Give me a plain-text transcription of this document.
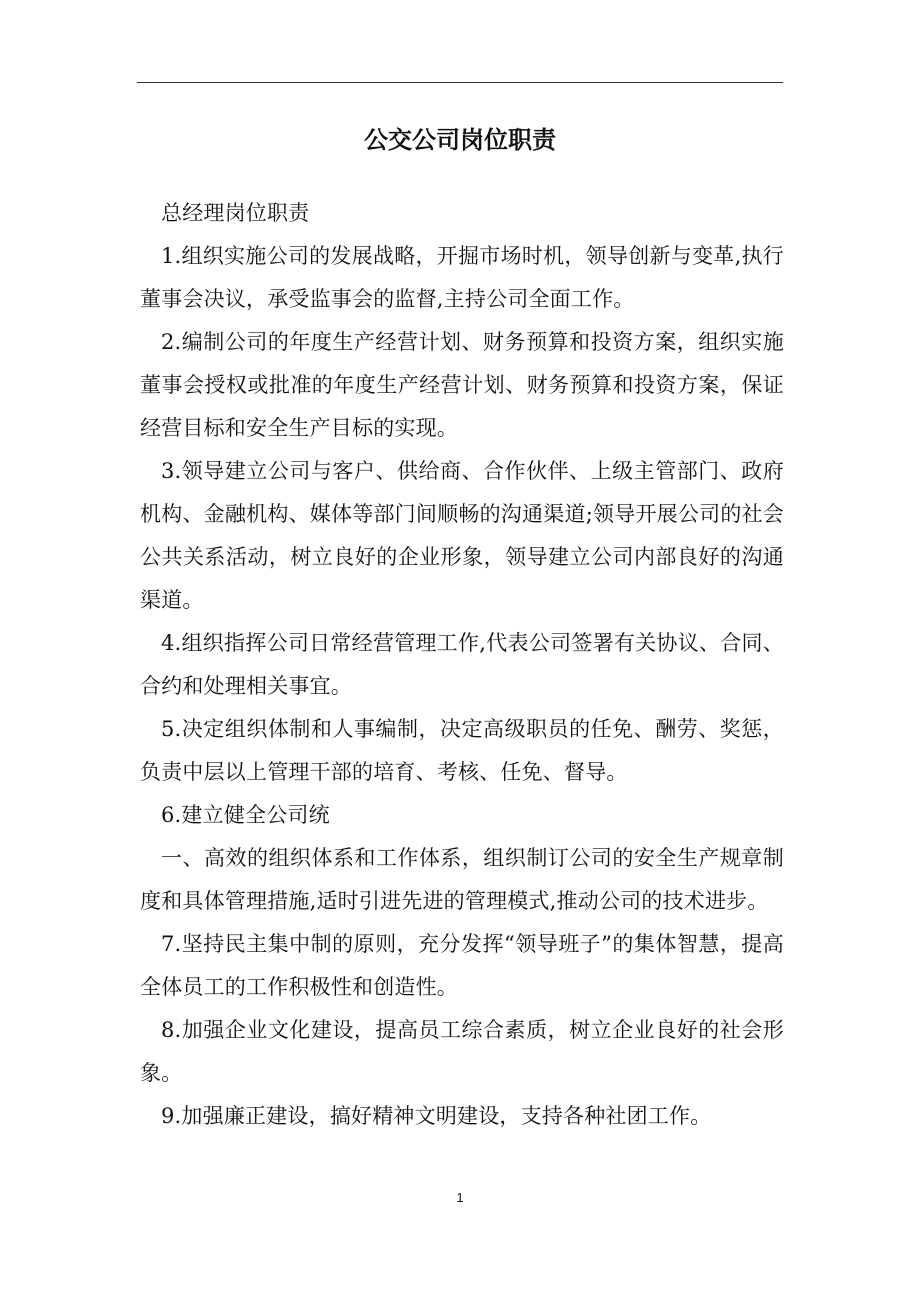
公交公司岗位职责

总经理岗位职责

1.组织实施公司的发展战略，开掘市场时机，领导创新与变革,执行董事会决议，承受监事会的监督,主持公司全面工作。

2.编制公司的年度生产经营计划、财务预算和投资方案，组织实施董事会授权或批准的年度生产经营计划、财务预算和投资方案，保证经营目标和安全生产目标的实现。

3.领导建立公司与客户、供给商、合作伙伴、上级主管部门、政府机构、金融机构、媒体等部门间顺畅的沟通渠道;领导开展公司的社会公共关系活动，树立良好的企业形象，领导建立公司内部良好的沟通渠道。

4.组织指挥公司日常经营管理工作,代表公司签署有关协议、合同、合约和处理相关事宜。

5.决定组织体制和人事编制，决定高级职员的任免、酬劳、奖惩，负责中层以上管理干部的培育、考核、任免、督导。

6.建立健全公司统

一、高效的组织体系和工作体系，组织制订公司的安全生产规章制度和具体管理措施,适时引进先进的管理模式,推动公司的技术进步。

7.坚持民主集中制的原则，充分发挥“领导班子”的集体智慧，提高全体员工的工作积极性和创造性。

8.加强企业文化建设，提高员工综合素质，树立企业良好的社会形象。

9.加强廉正建设，搞好精神文明建设，支持各种社团工作。

1
